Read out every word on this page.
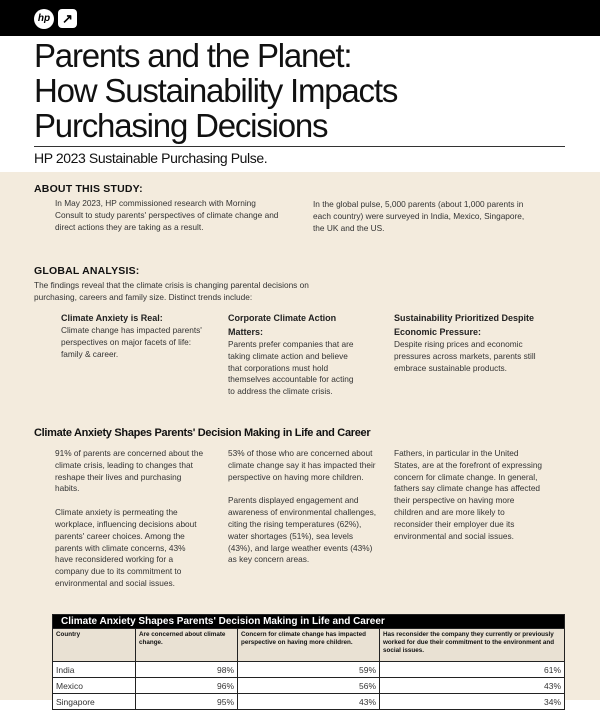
hp ↗
Parents and the Planet:
How Sustainability Impacts
Purchasing Decisions
HP 2023 Sustainable Purchasing Pulse.
ABOUT THIS STUDY:
In May 2023, HP commissioned research with Morning Consult to study parents' perspectives of climate change and direct actions they are taking as a result.
In the global pulse, 5,000 parents (about 1,000 parents in each country) were surveyed in India, Mexico, Singapore, the UK and the US.
GLOBAL ANALYSIS:
The findings reveal that the climate crisis is changing parental decisions on purchasing, careers and family size. Distinct trends include:
Climate Anxiety is Real:
Climate change has impacted parents' perspectives on major facets of life: family & career.
Corporate Climate Action Matters:
Parents prefer companies that are taking climate action and believe that corporations must hold themselves accountable for acting to address the climate crisis.
Sustainability Prioritized Despite Economic Pressure:
Despite rising prices and economic pressures across markets, parents still embrace sustainable products.
Climate Anxiety Shapes Parents' Decision Making in Life and Career
91% of parents are concerned about the climate crisis, leading to changes that reshape their lives and purchasing habits.
Climate anxiety is permeating the workplace, influencing decisions about parents' career choices. Among the parents with climate concerns, 43% have reconsidered working for a company due to its commitment to environmental and social issues.
53% of those who are concerned about climate change say it has impacted their perspective on having more children.
Parents displayed engagement and awareness of environmental challenges, citing the rising temperatures (62%), water shortages (51%), sea levels (43%), and large weather events (43%) as key concern areas.
Fathers, in particular in the United States, are at the forefront of expressing concern for climate change. In general, fathers say climate change has affected their perspective on having more children and are more likely to reconsider their employer due its environmental and social issues.
Climate Anxiety Shapes Parents' Decision Making in Life and Career			
Country	Are concerned about climate change.	Concern for climate change has impacted perspective on having more children.	Has reconsider the company they currently or previously worked for due their commitment to the environment and social issues.
India	98%	59%	61%
Mexico	96%	56%	43%
Singapore	95%	43%	34%
